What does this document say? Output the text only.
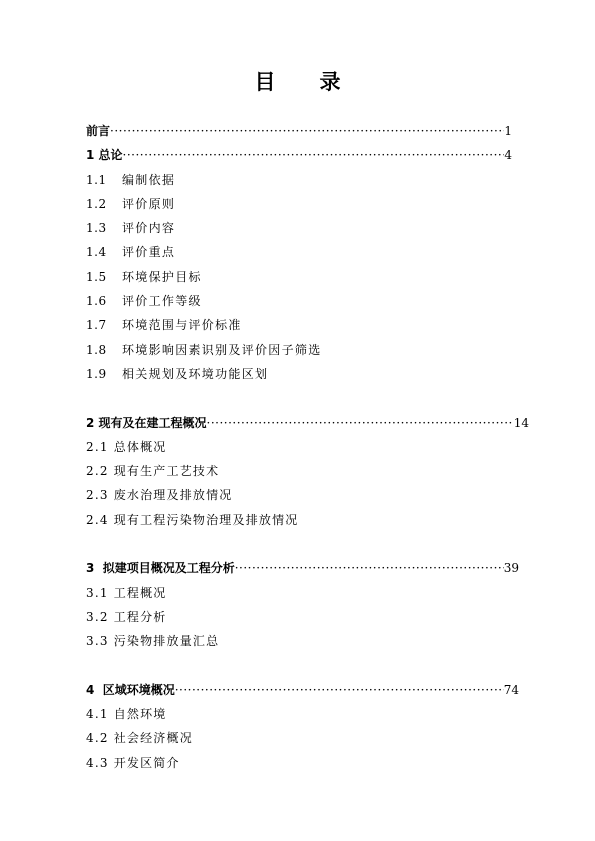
目录
前言 ·····	1
1 总论 ·····	4
1.1	编制依据
1.2	评价原则
1.3	评价内容
1.4	评价重点
1.5	环境保护目标
1.6	评价工作等级
1.7	环境范围与评价标准
1.8	环境影响因素识别及评价因子筛选
1.9	相关规划及环境功能区划
2 现有及在建工程概况 ·····	14
2.1 总体概况
2.2 现有生产工艺技术
2.3 废水治理及排放情况
2.4 现有工程污染物治理及排放情况
3  拟建项目概况及工程分析 ·····	39
3.1 工程概况
3.2 工程分析
3.3 污染物排放量汇总
4  区域环境概况 ·····	74
4.1 自然环境
4.2 社会经济概况
4.3 开发区简介
